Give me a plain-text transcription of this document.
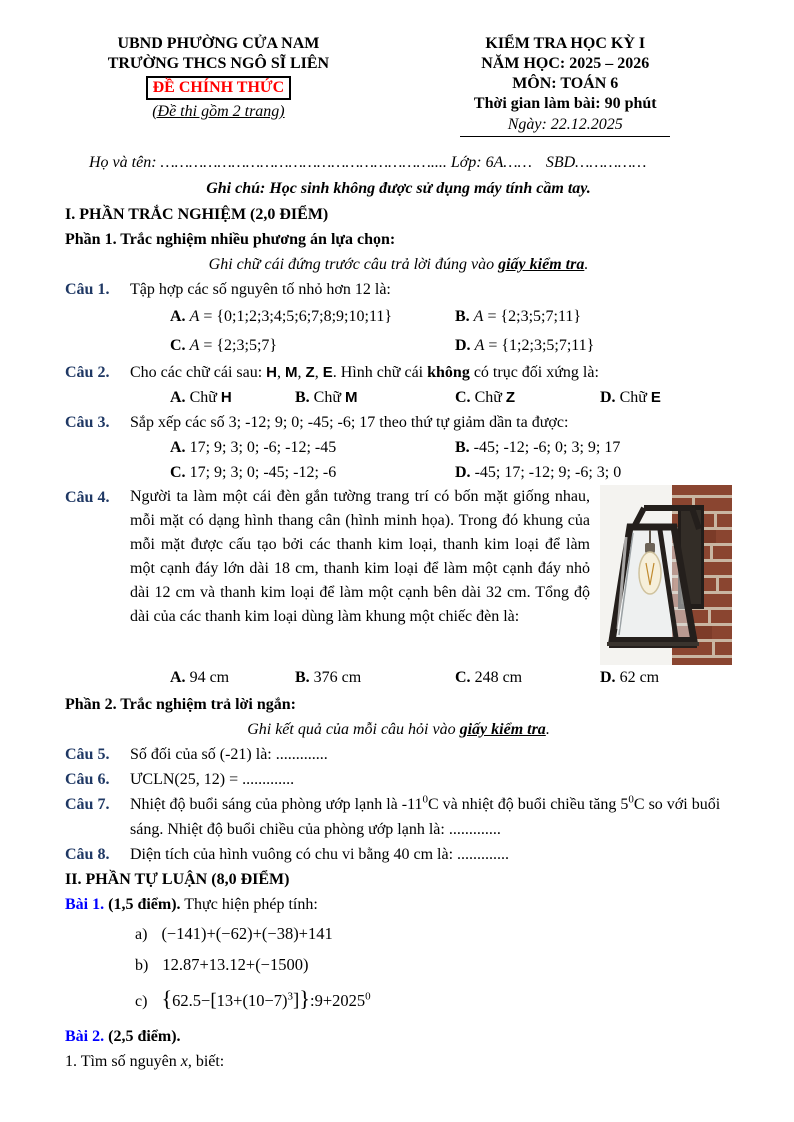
UBND PHƯỜNG CỬA NAM
TRƯỜNG THCS NGÔ SĨ LIÊN
ĐỀ CHÍNH THỨC
(Đề thi gồm 2 trang)
KIỂM TRA HỌC KỲ I
NĂM HỌC: 2025 – 2026
MÔN: TOÁN 6
Thời gian làm bài: 90 phút
Ngày: 22.12.2025
Họ và tên: ………………………………………………….... Lớp: 6A…… SBD……………
Ghi chú: Học sinh không được sử dụng máy tính cầm tay.
I. PHẦN TRẮC NGHIỆM (2,0 ĐIỂM)
Phần 1. Trắc nghiệm nhiều phương án lựa chọn:
Ghi chữ cái đứng trước câu trả lời đúng vào giấy kiểm tra.
Câu 1.	Tập hợp các số nguyên tố nhỏ hơn 12 là:
A. A = {0;1;2;3;4;5;6;7;8;9;10;11}	B. A = {2;3;5;7;11}
C. A = {2;3;5;7}	D. A = {1;2;3;5;7;11}
Câu 2.	Cho các chữ cái sau: H, M, Z, E. Hình chữ cái không có trục đối xứng là:
A. Chữ H	B. Chữ M	C. Chữ Z	D. Chữ E
Câu 3.	Sắp xếp các số 3; -12; 9; 0; -45; -6; 17 theo thứ tự giảm dần ta được:
A. 17; 9; 3; 0; -6; -12; -45	B. -45; -12; -6; 0; 3; 9; 17
C. 17; 9; 3; 0; -45; -12; -6	D. -45; 17; -12; 9; -6; 3; 0
Câu 4.	Người ta làm một cái đèn gắn tường trang trí có bốn mặt giống nhau, mỗi mặt có dạng hình thang cân (hình minh họa). Trong đó khung của mỗi mặt được cấu tạo bởi các thanh kim loại, thanh kim loại để làm một cạnh đáy lớn dài 18 cm, thanh kim loại để làm một cạnh đáy nhỏ dài 12 cm và thanh kim loại để làm một cạnh bên dài 32 cm. Tổng độ dài của các thanh kim loại dùng làm khung một chiếc đèn là:
A. 94 cm	B. 376 cm	C. 248 cm	D. 62 cm
Phần 2. Trắc nghiệm trả lời ngắn:
Ghi kết quả của mỗi câu hỏi vào giấy kiểm tra.
Câu 5.	Số đối của số (-21) là: .............
Câu 6.	ƯCLN(25, 12) = .............
Câu 7.	Nhiệt độ buổi sáng của phòng ướp lạnh là $-11^0C$ và nhiệt độ buổi chiều tăng $5^0C$ so với buổi sáng. Nhiệt độ buổi chiều của phòng ướp lạnh là: .............
Câu 8.	Diện tích của hình vuông có chu vi bằng 40 cm là: .............
II. PHẦN TỰ LUẬN (8,0 ĐIỂM)
Bài 1. (1,5 điểm). Thực hiện phép tính:
a) (−141)+(−62)+(−38)+141
b) 12.87+13.12+(−1500)
c) $\{62.5-[13+(10-7)^3]\}:9+2025^0$
Bài 2. (2,5 điểm).
1. Tìm số nguyên x, biết:
